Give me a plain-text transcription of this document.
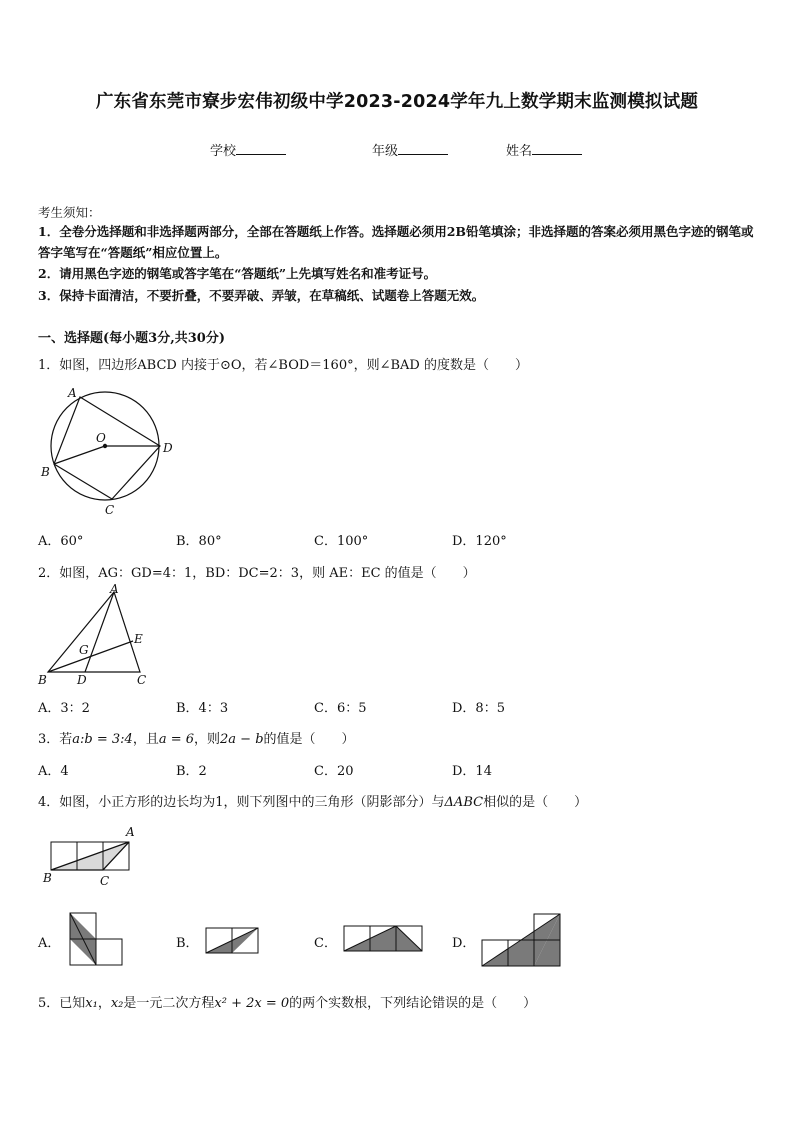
广东省东莞市寮步宏伟初级中学2023-2024学年九上数学期末监测模拟试题
学校	年级	姓名
考生须知：
1．全卷分选择题和非选择题两部分，全部在答题纸上作答。选择题必须用2B铅笔填涂；非选择题的答案必须用黑色字迹的钢笔或答字笔写在“答题纸”相应位置上。
2．请用黑色字迹的钢笔或答字笔在“答题纸”上先填写姓名和准考证号。
3．保持卡面清洁，不要折叠，不要弄破、弄皱，在草稿纸、试题卷上答题无效。
一、选择题(每小题3分,共30分)
1．如图，四边形ABCD 内接于⊙O，若∠BOD＝160°，则∠BAD 的度数是（　　）
A
B
C
D
O
A．60°	B．80°	C．100°	D．120°
2．如图，AG：GD=4：1，BD：DC=2：3，则 AE：EC 的值是（　　）
A
B	C
D
E
G
A．3：2	B．4：3	C．6：5	D．8：5
3．若a:b = 3:4，且a = 6，则2a − b的值是（　　）
A．4	B．2	C．20	D．14
4．如图，小正方形的边长均为1，则下列图中的三角形（阴影部分）与ΔABC相似的是（　　）
A
B	C
A．	B．	C．	D．
5．已知x₁，x₂是一元二次方程x² + 2x = 0的两个实数根，下列结论错误的是（　　）
